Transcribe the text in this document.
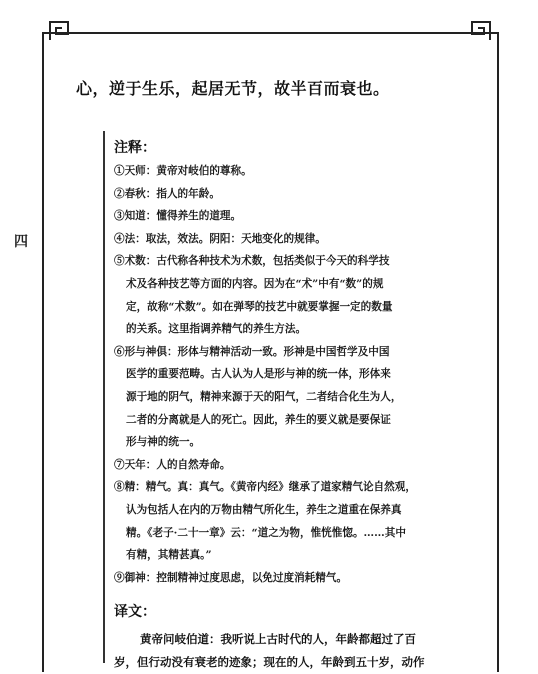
四
心，逆于生乐，起居无节，故半百而衰也。
注释：
①天师：黄帝对岐伯的尊称。
②春秋：指人的年龄。
③知道：懂得养生的道理。
④法：取法，效法。阴阳：天地变化的规律。
⑤术数：古代称各种技术为术数，包括类似于今天的科学技
术及各种技艺等方面的内容。因为在“术”中有“数”的规
定，故称“术数”。如在弹琴的技艺中就要掌握一定的数量
的关系。这里指调养精气的养生方法。
⑥形与神俱：形体与精神活动一致。形神是中国哲学及中国
医学的重要范畴。古人认为人是形与神的统一体，形体来
源于地的阴气，精神来源于天的阳气，二者结合化生为人，
二者的分离就是人的死亡。因此，养生的要义就是要保证
形与神的统一。
⑦天年：人的自然寿命。
⑧精：精气。真：真气。《黄帝内经》继承了道家精气论自然观，
认为包括人在内的万物由精气所化生，养生之道重在保养真
精。《老子·二十一章》云：“道之为物，惟恍惟惚。……其中
有精，其精甚真。”
⑨御神：控制精神过度思虑，以免过度消耗精气。
译文：
黄帝问岐伯道：我听说上古时代的人，年龄都超过了百
岁，但行动没有衰老的迹象；现在的人，年龄到五十岁，动作
